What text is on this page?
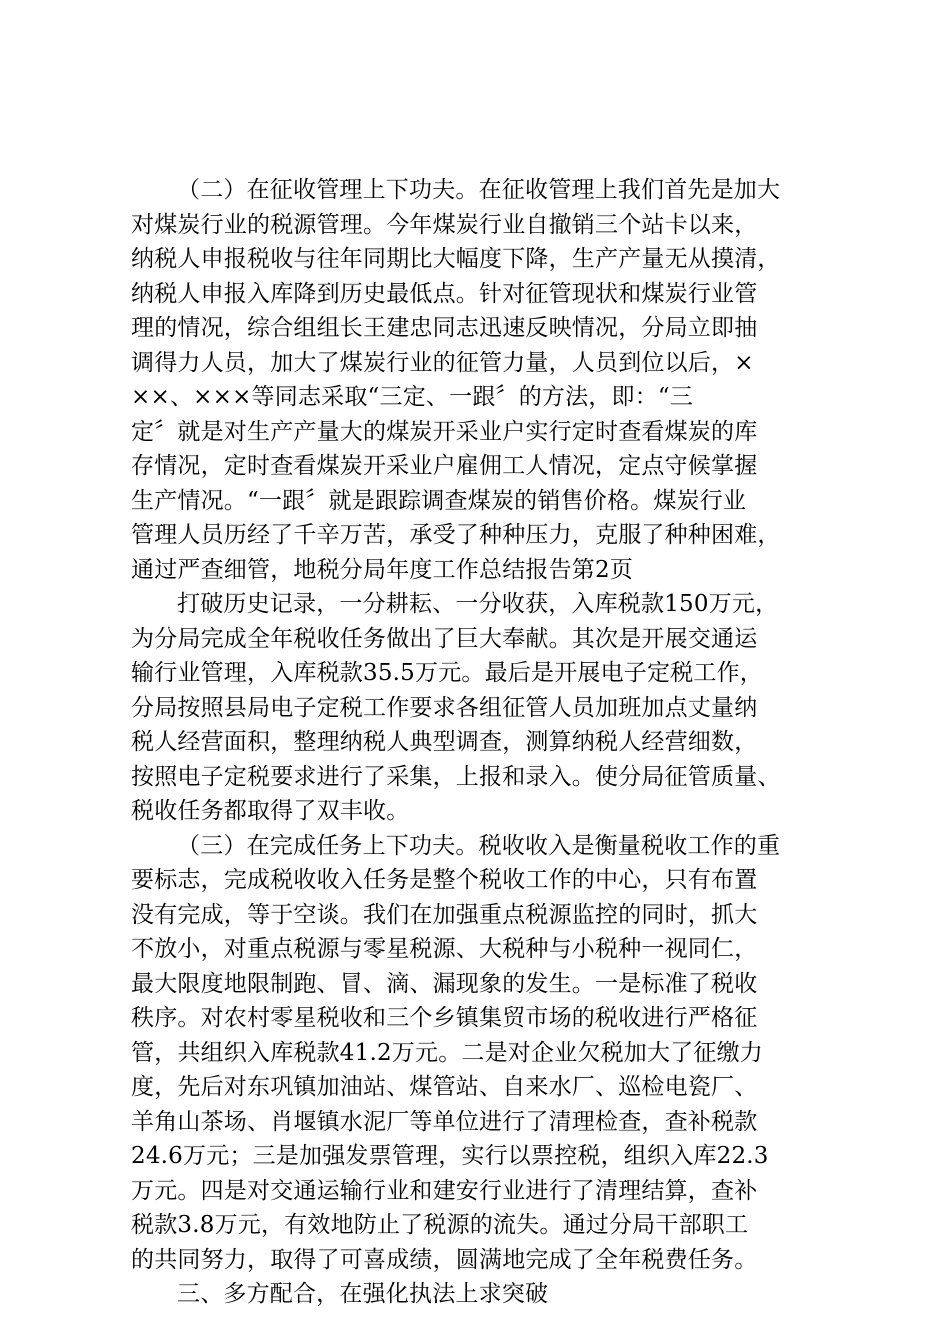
（二）在征收管理上下功夫。在征收管理上我们首先是加大
对煤炭行业的税源管理。今年煤炭行业自撤销三个站卡以来，
纳税人申报税收与往年同期比大幅度下降，生产产量无从摸清，
纳税人申报入库降到历史最低点。针对征管现状和煤炭行业管
理的情况，综合组组长王建忠同志迅速反映情况，分局立即抽
调得力人员，加大了煤炭行业的征管力量，人员到位以后，×
××、×××等同志采取“三定、一跟〞的方法，即：“三
定〞就是对生产产量大的煤炭开采业户实行定时查看煤炭的库
存情况，定时查看煤炭开采业户雇佣工人情况，定点守候掌握
生产情况。“一跟〞就是跟踪调查煤炭的销售价格。煤炭行业
管理人员历经了千辛万苦，承受了种种压力，克服了种种困难，
通过严查细管，地税分局年度工作总结报告第2页
打破历史记录，一分耕耘、一分收获，入库税款150万元，
为分局完成全年税收任务做出了巨大奉献。其次是开展交通运
输行业管理，入库税款35.5万元。最后是开展电子定税工作，
分局按照县局电子定税工作要求各组征管人员加班加点丈量纳
税人经营面积，整理纳税人典型调查，测算纳税人经营细数，
按照电子定税要求进行了采集，上报和录入。使分局征管质量、
税收任务都取得了双丰收。
（三）在完成任务上下功夫。税收收入是衡量税收工作的重
要标志，完成税收收入任务是整个税收工作的中心，只有布置
没有完成，等于空谈。我们在加强重点税源监控的同时，抓大
不放小，对重点税源与零星税源、大税种与小税种一视同仁，
最大限度地限制跑、冒、滴、漏现象的发生。一是标准了税收
秩序。对农村零星税收和三个乡镇集贸市场的税收进行严格征
管，共组织入库税款41.2万元。二是对企业欠税加大了征缴力
度，先后对东巩镇加油站、煤管站、自来水厂、巡检电瓷厂、
羊角山茶场、肖堰镇水泥厂等单位进行了清理检查，查补税款
24.6万元；三是加强发票管理，实行以票控税，组织入库22.3
万元。四是对交通运输行业和建安行业进行了清理结算，查补
税款3.8万元，有效地防止了税源的流失。通过分局干部职工
的共同努力，取得了可喜成绩，圆满地完成了全年税费任务。
三、多方配合，在强化执法上求突破
